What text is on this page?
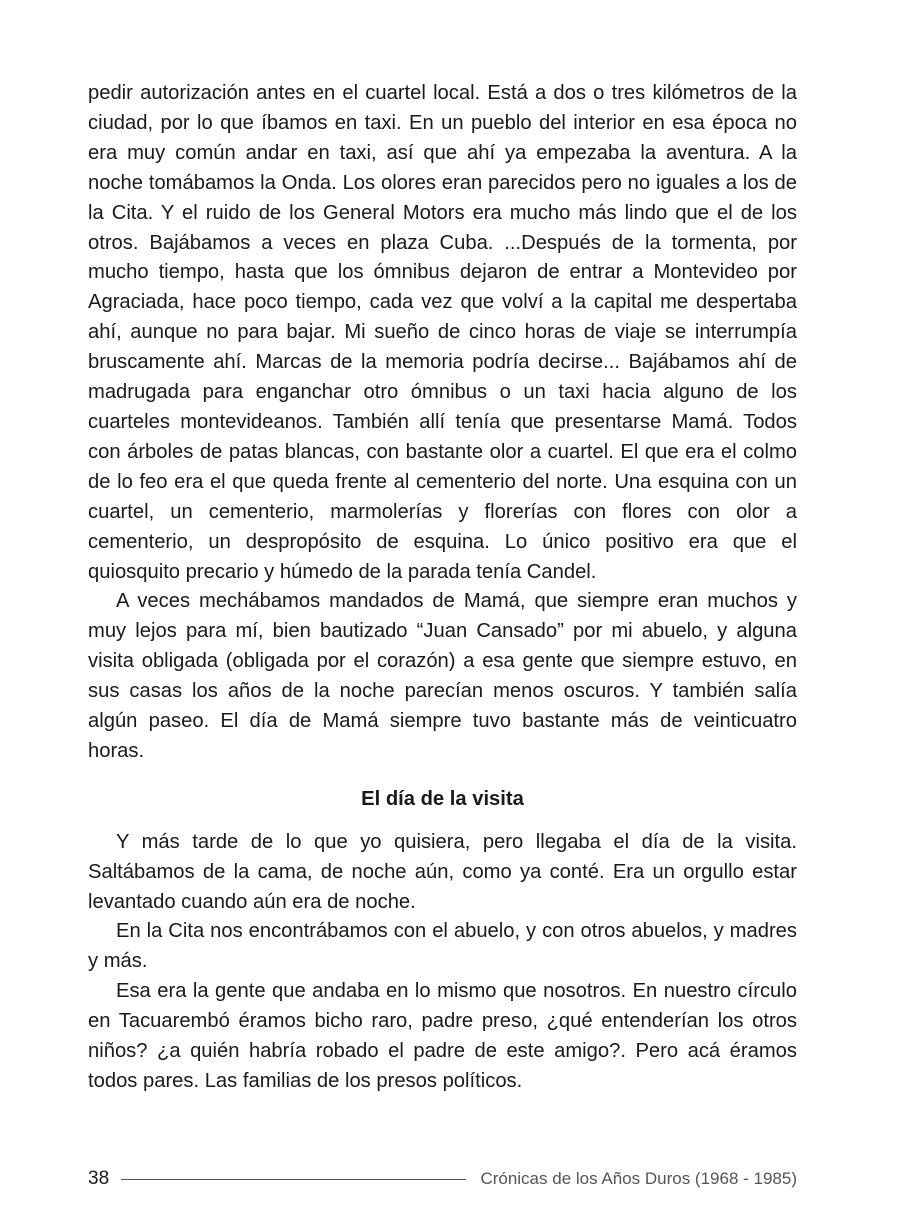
pedir autorización antes en el cuartel local. Está a dos o tres kilómetros de la ciudad, por lo que íbamos en taxi. En un pueblo del interior en esa época no era muy común andar en taxi, así que ahí ya empezaba la aventura. A la noche tomábamos la Onda. Los olores eran parecidos pero no iguales a los de la Cita. Y el ruido de los General Motors era mucho más lindo que el de los otros. Bajábamos a veces en plaza Cuba. ...Después de la tormenta, por mucho tiempo, hasta que los ómnibus dejaron de entrar a Montevideo por Agraciada, hace poco tiempo, cada vez que volví a la capital me despertaba ahí, aunque no para bajar. Mi sueño de cinco horas de viaje se interrumpía bruscamente ahí. Marcas de la memoria podría decirse... Bajábamos ahí de madrugada para enganchar otro ómnibus o un taxi hacia alguno de los cuarteles montevideanos. También allí tenía que presentarse Mamá. Todos con árboles de patas blancas, con bastante olor a cuartel. El que era el colmo de lo feo era el que queda frente al cementerio del norte. Una esquina con un cuartel, un cementerio, marmolerías y florerías con flores con olor a cementerio, un despropósito de esquina. Lo único positivo era que el quiosquito precario y húmedo de la parada tenía Candel.

A veces mechábamos mandados de Mamá, que siempre eran muchos y muy lejos para mí, bien bautizado “Juan Cansado” por mi abuelo, y alguna visita obligada (obligada por el corazón) a esa gente que siempre estuvo, en sus casas los años de la noche parecían menos oscuros. Y también salía algún paseo. El día de Mamá siempre tuvo bastante más de veinticuatro horas.

El día de la visita

Y más tarde de lo que yo quisiera, pero llegaba el día de la visita. Saltábamos de la cama, de noche aún, como ya conté. Era un orgullo estar levantado cuando aún era de noche.

En la Cita nos encontrábamos con el abuelo, y con otros abuelos, y madres y más.

Esa era la gente que andaba en lo mismo que nosotros. En nuestro círculo en Tacuarembó éramos bicho raro, padre preso, ¿qué entenderían los otros niños? ¿a quién habría robado el padre de este amigo?. Pero acá éramos todos pares. Las familias de los presos políticos.

38	Crónicas de los Años Duros (1968 - 1985)
